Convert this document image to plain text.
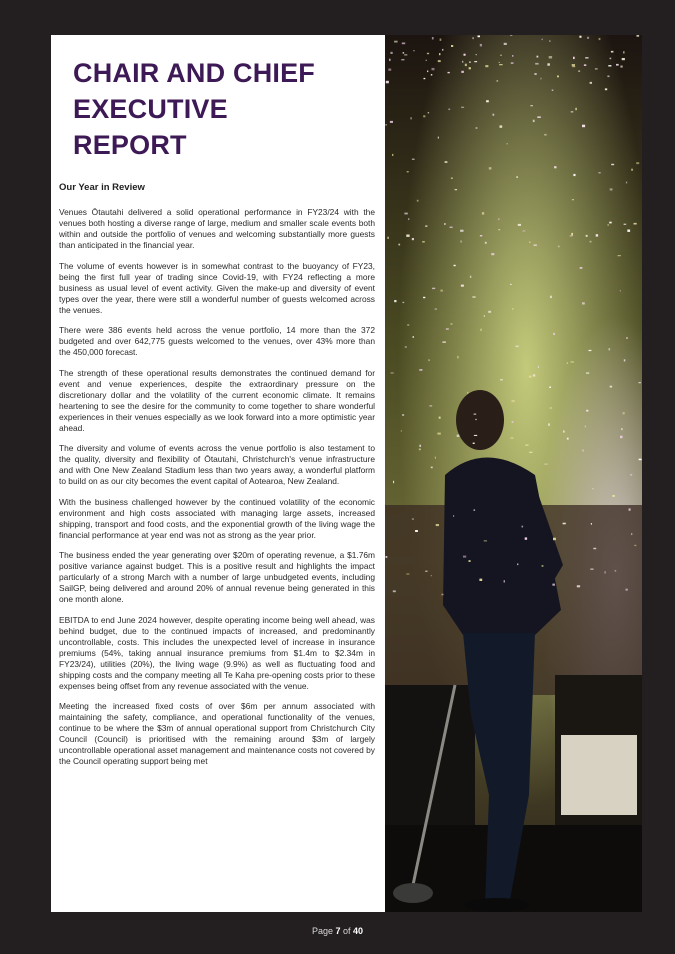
CHAIR AND CHIEF
EXECUTIVE
REPORT
Our Year in Review

Venues Ōtautahi delivered a solid operational performance in FY23/24 with the venues both hosting a diverse range of large, medium and smaller scale events both within and outside the portfolio of venues and welcoming substantially more guests than anticipated in the financial year.

The volume of events however is in somewhat contrast to the buoyancy of FY23, being the first full year of trading since Covid-19, with FY24 reflecting a more business as usual level of event activity. Given the make-up and diversity of event types over the year, there were still a wonderful number of guests welcomed across the venues.

There were 386 events held across the venue portfolio, 14 more than the 372 budgeted and over 642,775 guests welcomed to the venues, over 43% more than the 450,000 forecast.

The strength of these operational results demonstrates the continued demand for event and venue experiences, despite the extraordinary pressure on the discretionary dollar and the volatility of the current economic climate. It remains heartening to see the desire for the community to come together to share wonderful experiences in their venues especially as we look forward into a more optimistic year ahead.

The diversity and volume of events across the venue portfolio is also testament to the quality, diversity and flexibility of Ōtautahi, Christchurch's venue infrastructure and with One New Zealand Stadium less than two years away, a wonderful platform to build on as our city becomes the event capital of Aotearoa, New Zealand.

With the business challenged however by the continued volatility of the economic environment and high costs associated with managing large assets, increased shipping, transport and food costs, and the exponential growth of the living wage the financial performance at year end was not as strong as the year prior.

The business ended the year generating over $20m of operating revenue, a $1.76m positive variance against budget. This is a positive result and highlights the impact particularly of a strong March with a number of large unbudgeted events, including SailGP, being delivered and around 20% of annual revenue being generated in this one month alone.

EBITDA to end June 2024 however, despite operating income being well ahead, was behind budget, due to the continued impacts of increased, and predominantly uncontrollable, costs. This includes the unexpected level of increase in insurance premiums (54%, taking annual insurance premiums from $1.4m to $2.34m in FY23/24), utilities (20%), the living wage (9.9%) as well as fluctuating food and shipping costs and the company meeting all Te Kaha pre-opening costs prior to these expenses being offset from any revenue associated with the venue.

Meeting the increased fixed costs of over $6m per annum associated with maintaining the safety, compliance, and operational functionality of the venues, continue to be where the $3m of annual operational support from Christchurch City Council (Council) is prioritised with the remaining around $3m of largely uncontrollable operational asset management and maintenance costs not covered by the Council operating support being met

Page 7 of 40
